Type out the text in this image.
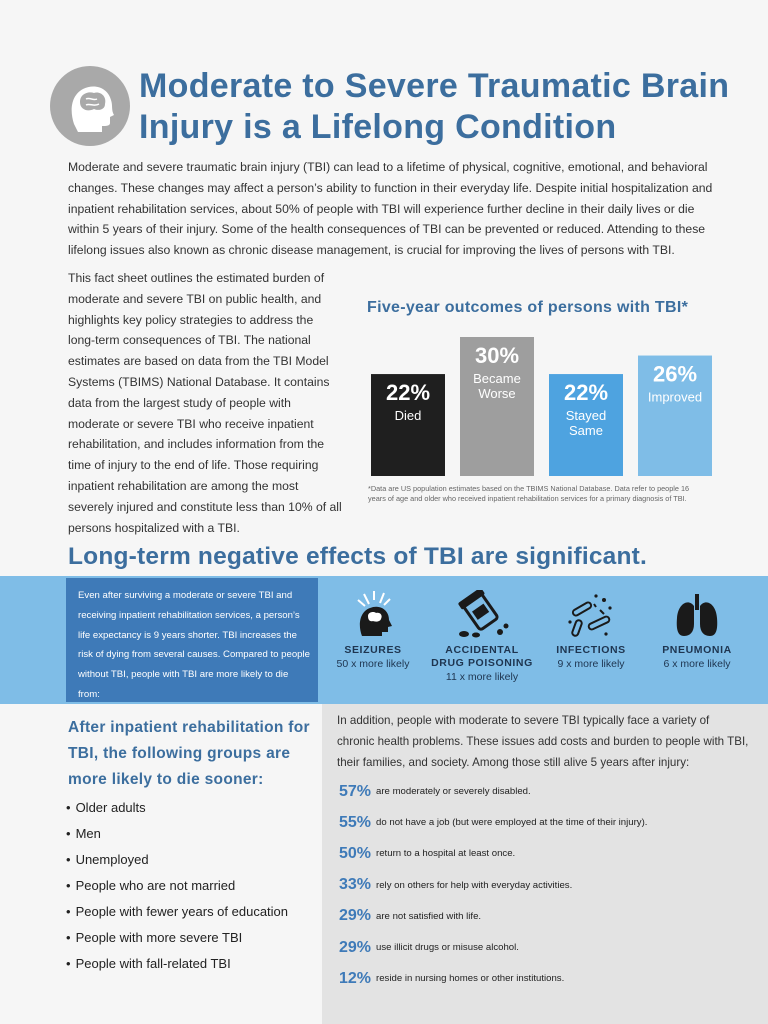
Moderate to Severe Traumatic Brain Injury is a Lifelong Condition

Moderate and severe traumatic brain injury (TBI) can lead to a lifetime of physical, cognitive, emotional, and behavioral changes. These changes may affect a person’s ability to function in their everyday life. Despite initial hospitalization and inpatient rehabilitation services, about 50% of people with TBI will experience further decline in their daily lives or die within 5 years of their injury. Some of the health consequences of TBI can be prevented or reduced. Attending to these lifelong issues also known as chronic disease management, is crucial for improving the lives of persons with TBI.

This fact sheet outlines the estimated burden of moderate and severe TBI on public health, and highlights key policy strategies to address the long-term consequences of TBI. The national estimates are based on data from the TBI Model Systems (TBIMS) National Database. It contains data from the largest study of people with moderate or severe TBI who receive inpatient rehabilitation, and includes information from the time of injury to the end of life. Those requiring inpatient rehabilitation are among the most severely injured and constitute less than 10% of all persons hospitalized with a TBI.

Five-year outcomes of persons with TBI*
22%
Died
30%
Became
Worse 22%
Stayed
Same
26%
Improved

*Data are US population estimates based on the TBIMS National Database. Data refer to people 16 years of age and older who received inpatient rehabilitation services for a primary diagnosis of TBI.

Long-term negative effects of TBI are significant.

Even after surviving a moderate or severe TBI and receiving inpatient rehabilitation services, a person’s life expectancy is 9 years shorter. TBI increases the risk of dying from several causes. Compared to people without TBI, people with TBI are more likely to die from:

SEIZURES
50 x more likely
ACCIDENTAL DRUG POISONING
11 x more likely
INFECTIONS
9 x more likely
PNEUMONIA
6 x more likely
After inpatient rehabilitation for TBI, the following groups are more likely to die sooner:
• Older adults
• Men
• Unemployed
• People who are not married
• People with fewer years of education
• People with more severe TBI
• People with fall-related TBI

In addition, people with moderate to severe TBI typically face a variety of chronic health problems. These issues add costs and burden to people with TBI, their families, and society. Among those still alive 5 years after injury:

57% are moderately or severely disabled.
55% do not have a job (but were employed at the time of their injury).
50% return to a hospital at least once.
33% rely on others for help with everyday activities.
29% are not satisfied with life.
29% use illicit drugs or misuse alcohol.
12% reside in nursing homes or other institutions.
